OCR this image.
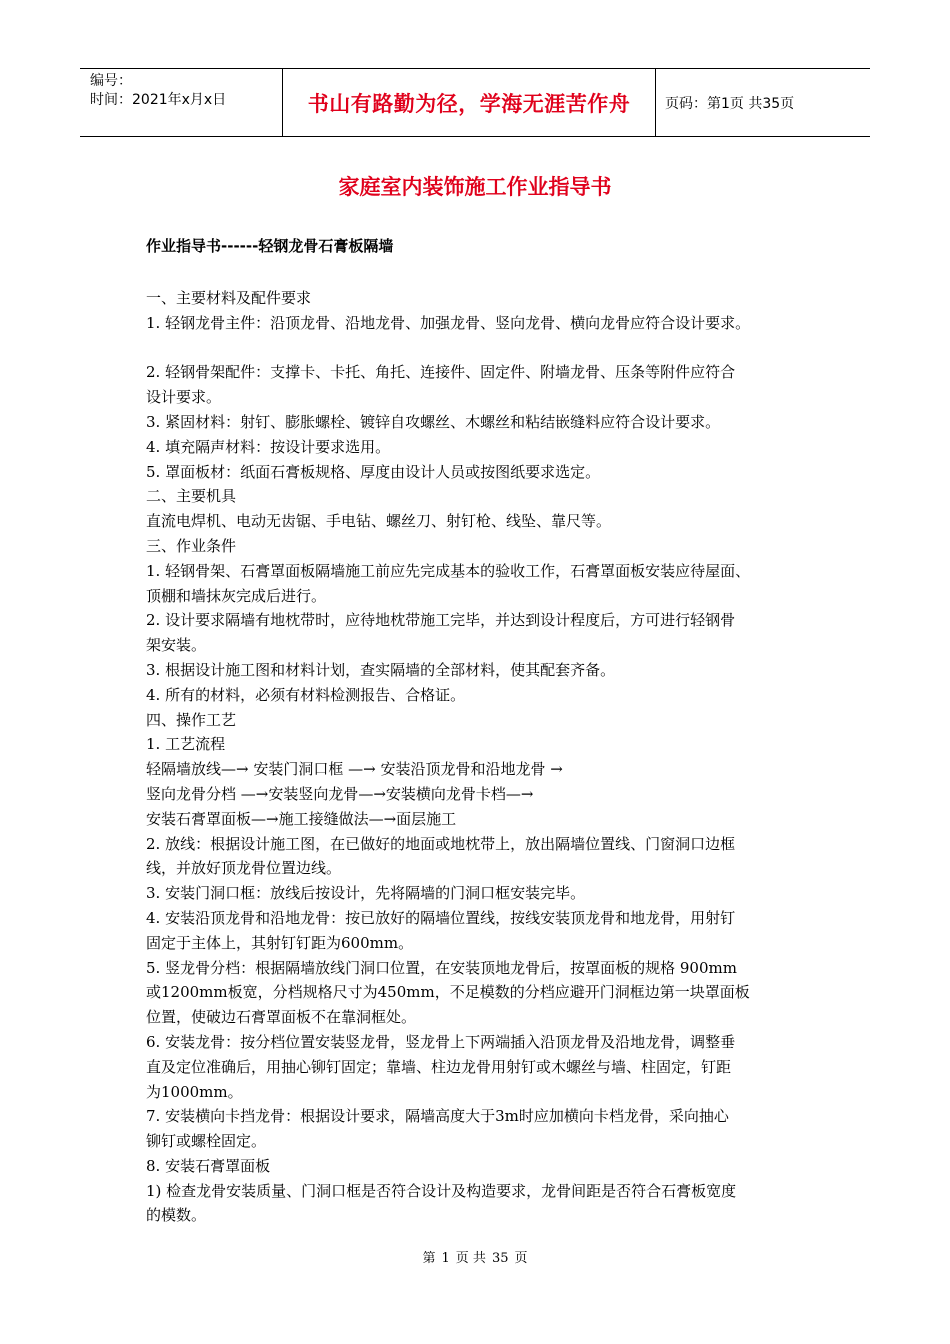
编号：
时间：2021年x月x日	书山有路勤为径，学海无涯苦作舟 页码：第1页 共35页
家庭室内装饰施工作业指导书
作业指导书------轻钢龙骨石膏板隔墙
一、主要材料及配件要求
1. 轻钢龙骨主件：沿顶龙骨、沿地龙骨、加强龙骨、竖向龙骨、横向龙骨应符合设计要求。
2. 轻钢骨架配件：支撑卡、卡托、角托、连接件、固定件、附墙龙骨、压条等附件应符合
设计要求。
3. 紧固材料：射钉、膨胀螺栓、镀锌自攻螺丝、木螺丝和粘结嵌缝料应符合设计要求。
4. 填充隔声材料：按设计要求选用。
5. 罩面板材：纸面石膏板规格、厚度由设计人员或按图纸要求选定。
二、主要机具
直流电焊机、电动无齿锯、手电钻、螺丝刀、射钉枪、线坠、靠尺等。
三、作业条件
1. 轻钢骨架、石膏罩面板隔墙施工前应先完成基本的验收工作，石膏罩面板安装应待屋面、
顶棚和墙抹灰完成后进行。
2. 设计要求隔墙有地枕带时，应待地枕带施工完毕，并达到设计程度后，方可进行轻钢骨
架安装。
3. 根据设计施工图和材料计划，查实隔墙的全部材料，使其配套齐备。
4. 所有的材料，必须有材料检测报告、合格证。
四、操作工艺
1. 工艺流程
轻隔墙放线—→ 安装门洞口框 —→ 安装沿顶龙骨和沿地龙骨 →
竖向龙骨分档 —→安装竖向龙骨—→安装横向龙骨卡档—→
安装石膏罩面板—→施工接缝做法—→面层施工
2. 放线：根据设计施工图，在已做好的地面或地枕带上，放出隔墙位置线、门窗洞口边框
线，并放好顶龙骨位置边线。
3. 安装门洞口框：放线后按设计，先将隔墙的门洞口框安装完毕。
4. 安装沿顶龙骨和沿地龙骨：按已放好的隔墙位置线，按线安装顶龙骨和地龙骨，用射钉
固定于主体上，其射钉钉距为600mm。
5. 竖龙骨分档：根据隔墙放线门洞口位置，在安装顶地龙骨后，按罩面板的规格 900mm
或1200mm板宽，分档规格尺寸为450mm，不足模数的分档应避开门洞框边第一块罩面板
位置，使破边石膏罩面板不在靠洞框处。
6. 安装龙骨：按分档位置安装竖龙骨，竖龙骨上下两端插入沿顶龙骨及沿地龙骨，调整垂
直及定位准确后，用抽心铆钉固定；靠墙、柱边龙骨用射钉或木螺丝与墙、柱固定，钉距
为1000mm。
7. 安装横向卡挡龙骨：根据设计要求，隔墙高度大于3m时应加横向卡档龙骨，采向抽心
铆钉或螺栓固定。
8. 安装石膏罩面板
1) 检查龙骨安装质量、门洞口框是否符合设计及构造要求，龙骨间距是否符合石膏板宽度
的模数。
第 1 页 共 35 页
